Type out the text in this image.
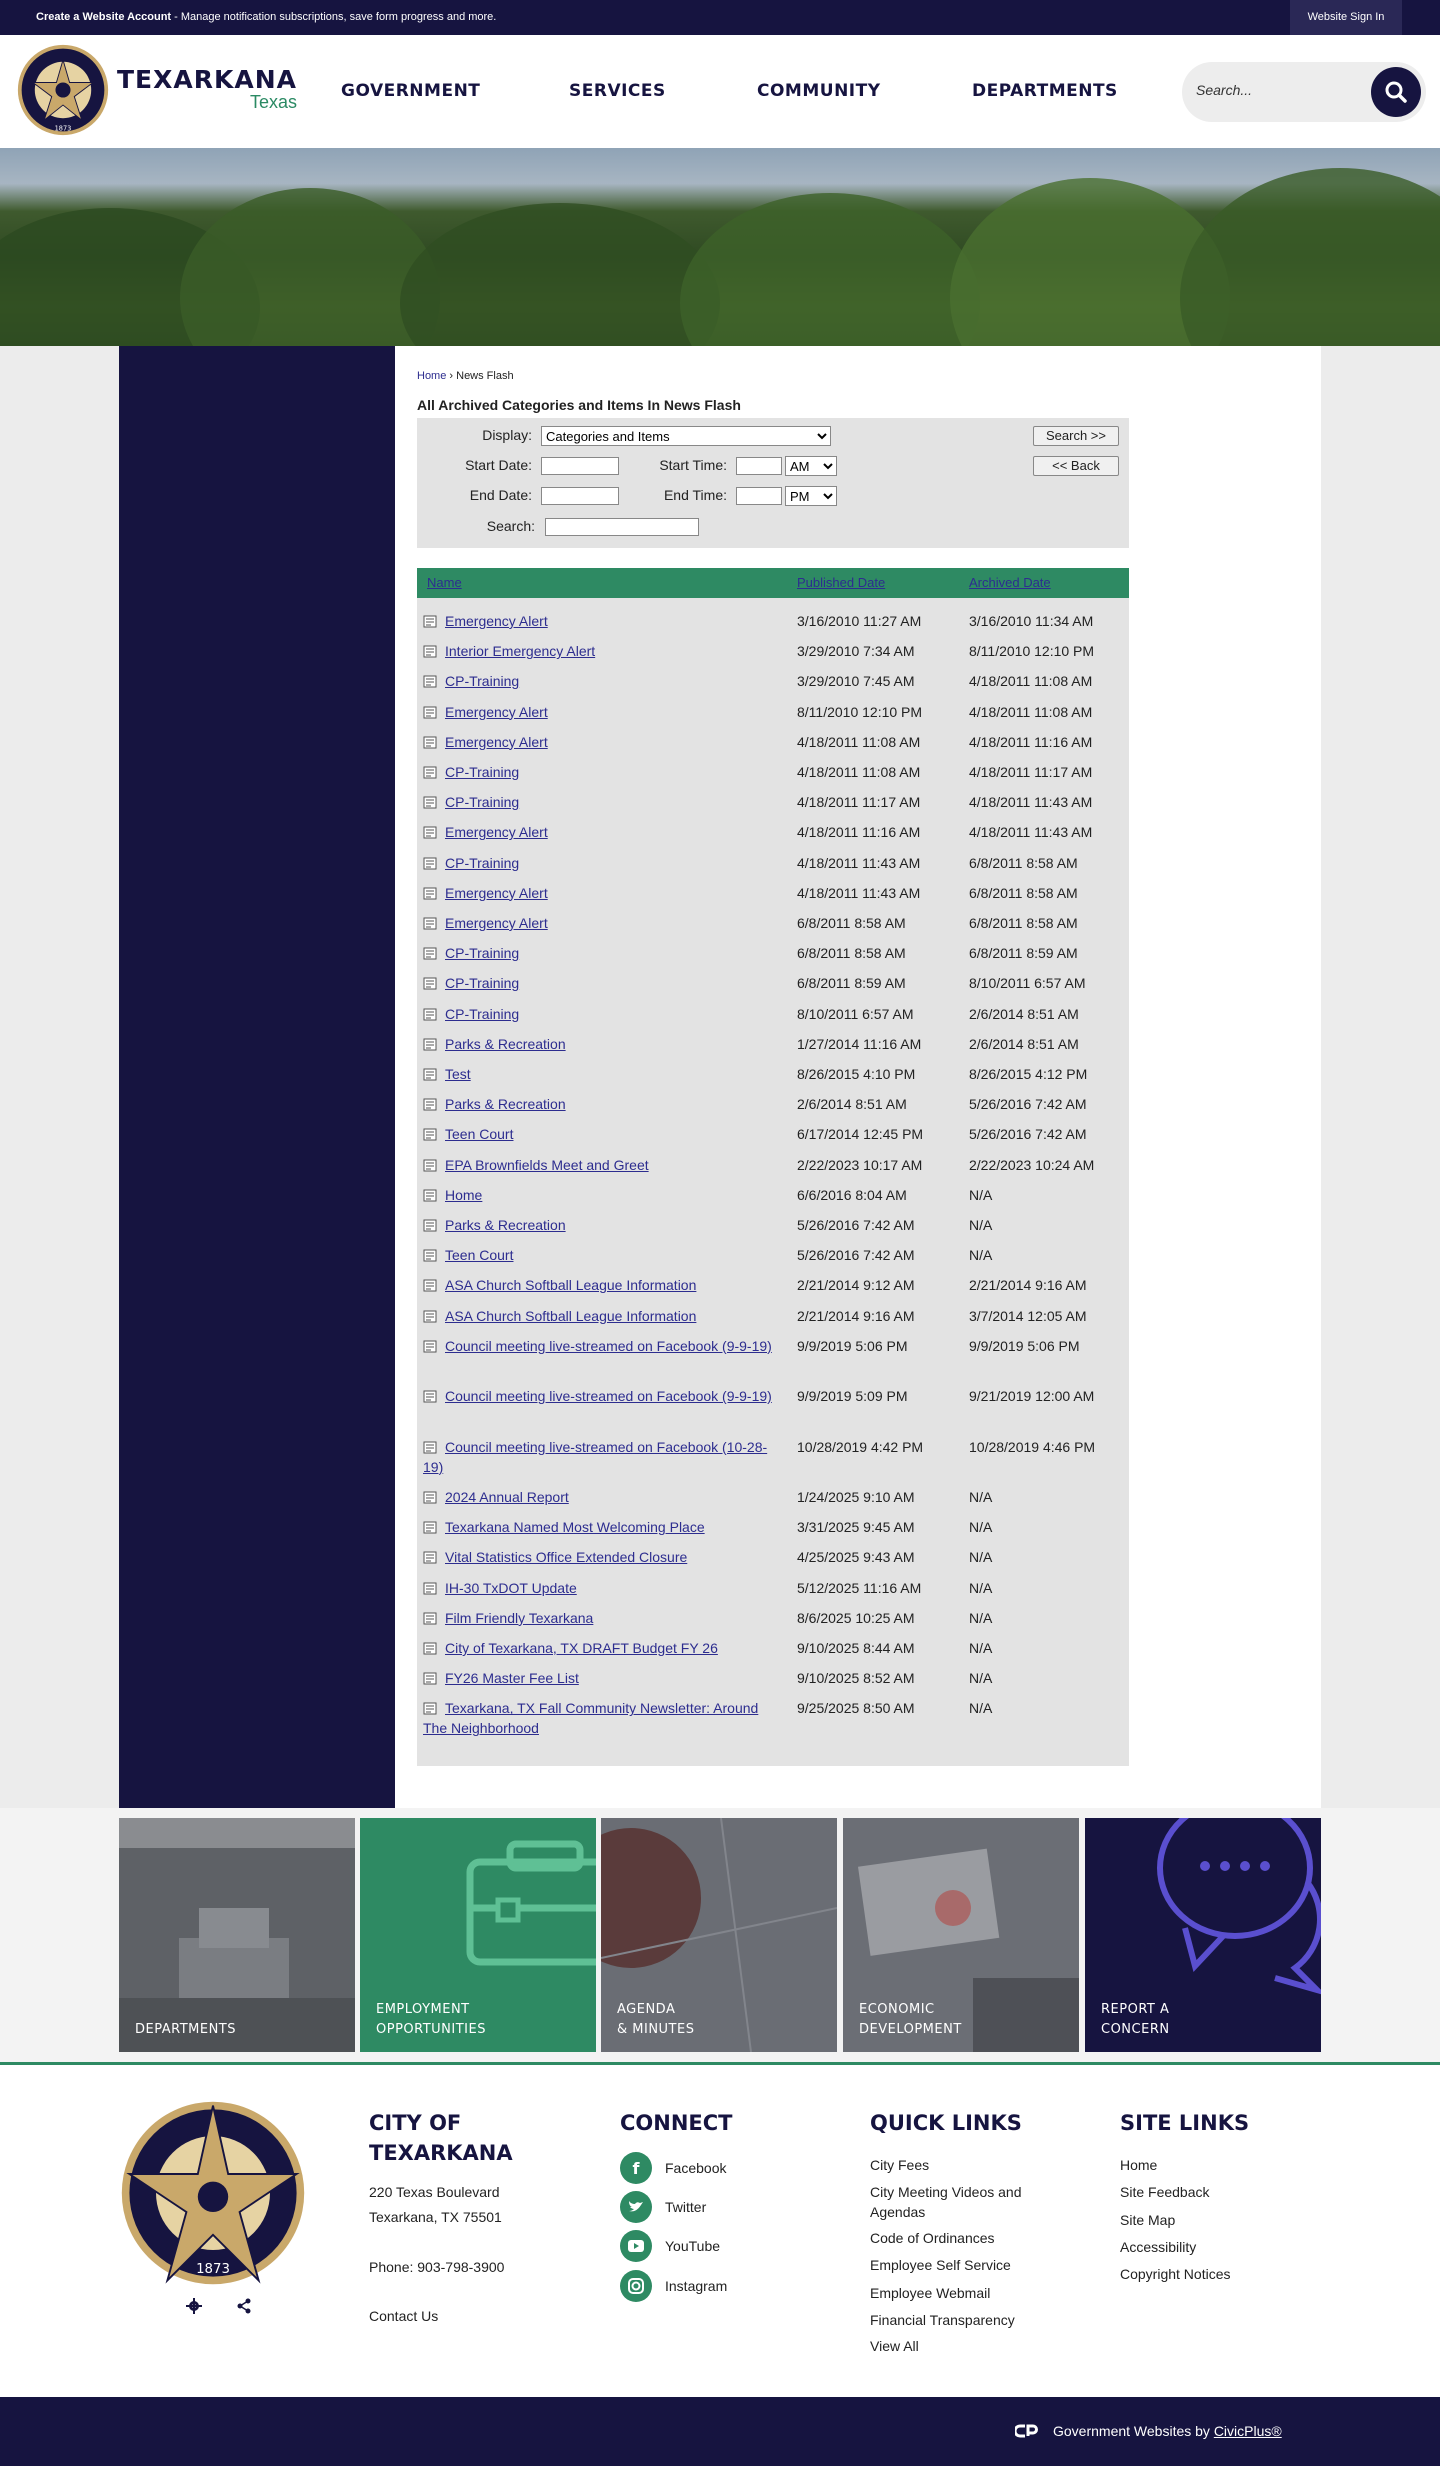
Create a Website Account - Manage notification subscriptions, save form progress and more.	Website Sign In
1873
TEXARKANA
Texas
GOVERNMENT	SERVICES	COMMUNITY	DEPARTMENTS
Search...
Home › News Flash
All Archived Categories and Items In News Flash
Display:
Categories and Items
Start Date:	Start Time:
AM
End Date:	End Time:
PM
Search:
Search >>
<< Back
Name	Published Date	Archived Date
Emergency Alert	3/16/2010 11:27 AM	3/16/2010 11:34 AM
Interior Emergency Alert	3/29/2010 7:34 AM	8/11/2010 12:10 PM
CP-Training	3/29/2010 7:45 AM	4/18/2011 11:08 AM
Emergency Alert	8/11/2010 12:10 PM	4/18/2011 11:08 AM
Emergency Alert	4/18/2011 11:08 AM	4/18/2011 11:16 AM
CP-Training	4/18/2011 11:08 AM	4/18/2011 11:17 AM
CP-Training	4/18/2011 11:17 AM	4/18/2011 11:43 AM
Emergency Alert	4/18/2011 11:16 AM	4/18/2011 11:43 AM
CP-Training	4/18/2011 11:43 AM	6/8/2011 8:58 AM
Emergency Alert	4/18/2011 11:43 AM	6/8/2011 8:58 AM
Emergency Alert	6/8/2011 8:58 AM	6/8/2011 8:58 AM
CP-Training	6/8/2011 8:58 AM	6/8/2011 8:59 AM
CP-Training	6/8/2011 8:59 AM	8/10/2011 6:57 AM
CP-Training	8/10/2011 6:57 AM	2/6/2014 8:51 AM
Parks & Recreation	1/27/2014 11:16 AM	2/6/2014 8:51 AM
Test	8/26/2015 4:10 PM	8/26/2015 4:12 PM
Parks & Recreation	2/6/2014 8:51 AM	5/26/2016 7:42 AM
Teen Court	6/17/2014 12:45 PM	5/26/2016 7:42 AM
EPA Brownfields Meet and Greet	2/22/2023 10:17 AM	2/22/2023 10:24 AM
Home	6/6/2016 8:04 AM	N/A
Parks & Recreation	5/26/2016 7:42 AM	N/A
Teen Court	5/26/2016 7:42 AM	N/A
ASA Church Softball League Information	2/21/2014 9:12 AM	2/21/2014 9:16 AM
ASA Church Softball League Information	2/21/2014 9:16 AM	3/7/2014 12:05 AM
Council meeting live-streamed on Facebook (9-9-19)	9/9/2019 5:06 PM	9/9/2019 5:06 PM
Council meeting live-streamed on Facebook (9-9-19)	9/9/2019 5:09 PM	9/21/2019 12:00 AM
Council meeting live-streamed on Facebook (10-28-19)
10/28/2019 4:42 PM	10/28/2019 4:46 PM
2024 Annual Report	1/24/2025 9:10 AM	N/A
Texarkana Named Most Welcoming Place	3/31/2025 9:45 AM	N/A
Vital Statistics Office Extended Closure	4/25/2025 9:43 AM	N/A
IH-30 TxDOT Update	5/12/2025 11:16 AM	N/A
Film Friendly Texarkana	8/6/2025 10:25 AM	N/A
City of Texarkana, TX DRAFT Budget FY 26	9/10/2025 8:44 AM	N/A
FY26 Master Fee List	9/10/2025 8:52 AM	N/A
Texarkana, TX Fall Community Newsletter: Around The Neighborhood
9/25/2025 8:50 AM	N/A
DEPARTMENTS
EMPLOYMENT
OPPORTUNITIES
AGENDA
& MINUTES
ECONOMIC
DEVELOPMENT
REPORT A
CONCERN
1873
CITY OF
TEXARKANA
220 Texas Boulevard
Texarkana, TX 75501
Phone: 903-798-3900
Contact Us
CONNECT
f Facebook
Twitter
YouTube
Instagram
QUICK LINKS
City Fees
City Meeting Videos and Agendas
Code of Ordinances
Employee Self Service
Employee Webmail
Financial Transparency
View All
SITE LINKS
Home
Site Feedback
Site Map
Accessibility
Copyright Notices
Government Websites by CivicPlus®
